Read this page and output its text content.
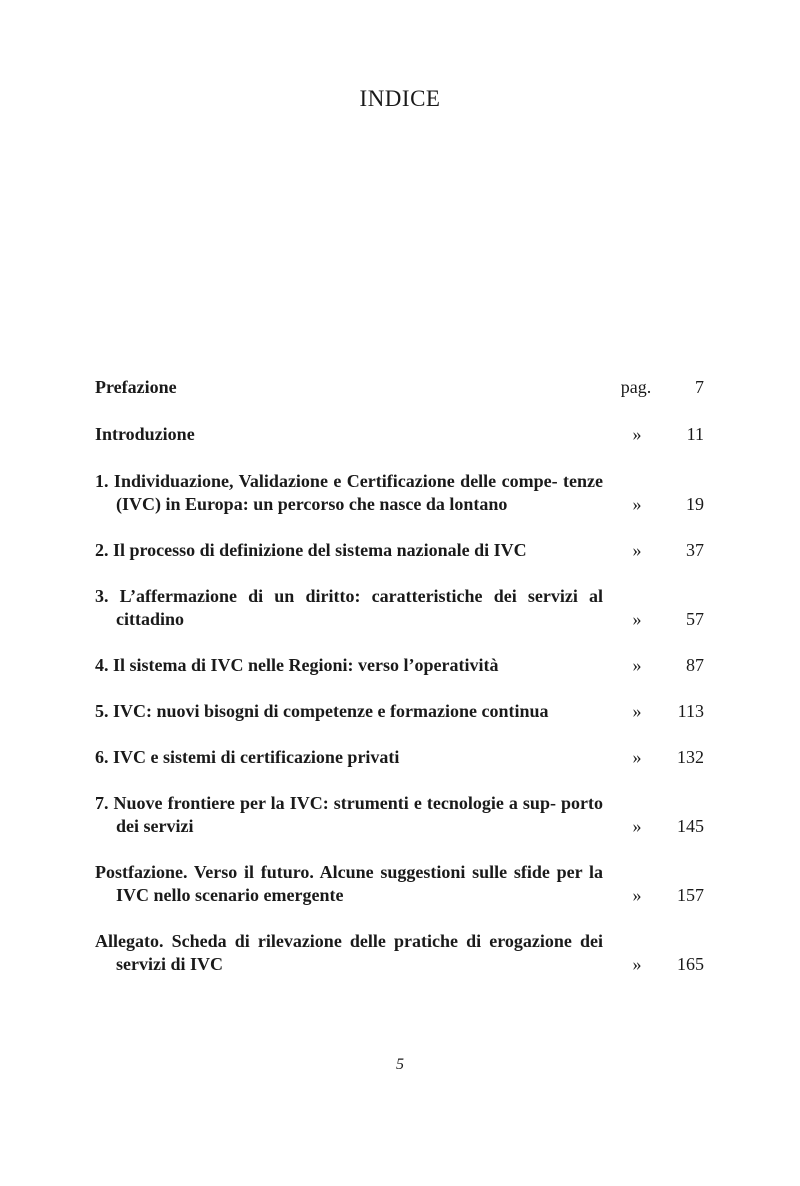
INDICE
Prefazione	pag.	7
Introduzione	»	11
1. Individuazione, Validazione e Certificazione delle compe- tenze (IVC) in Europa: un percorso che nasce da lontano	»	19
2. Il processo di definizione del sistema nazionale di IVC	»	37
3. L’affermazione di un diritto: caratteristiche dei servizi al cittadino	»	57
4. Il sistema di IVC nelle Regioni: verso l’operatività	»	87
5. IVC: nuovi bisogni di competenze e formazione continua	»	113
6. IVC e sistemi di certificazione privati	»	132
7. Nuove frontiere per la IVC: strumenti e tecnologie a sup- porto dei servizi	»	145
Postfazione. Verso il futuro. Alcune suggestioni sulle sfide per la IVC nello scenario emergente	»	157
Allegato. Scheda di rilevazione delle pratiche di erogazione dei servizi di IVC	»	165
5
